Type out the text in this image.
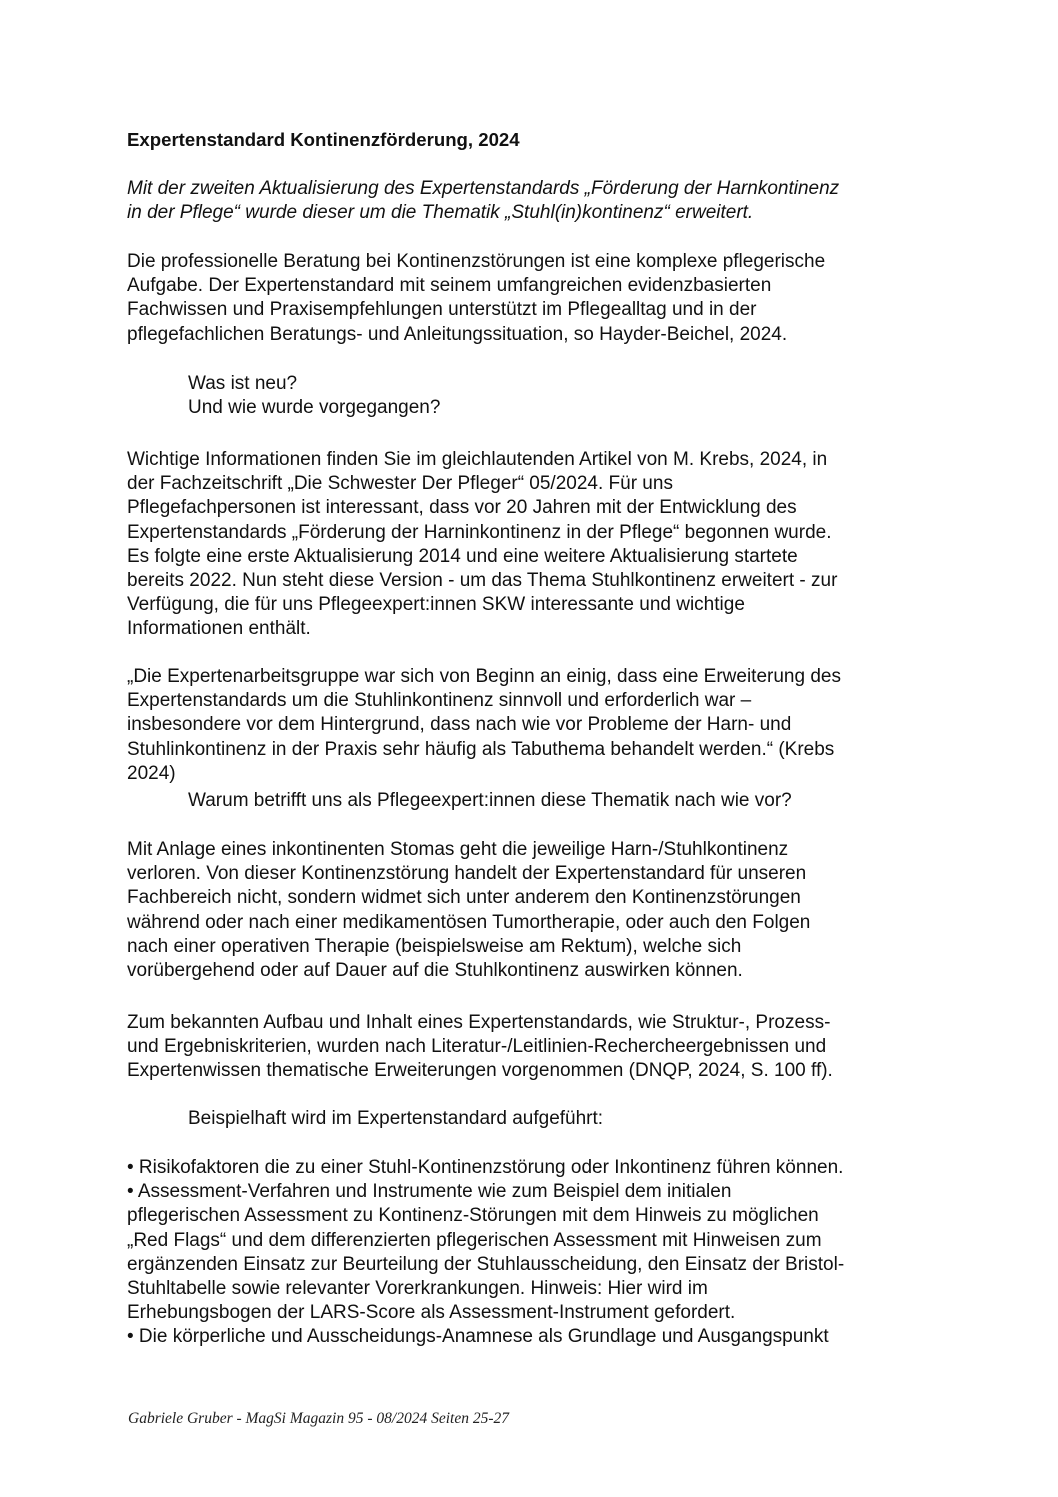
Expertenstandard Kontinenzförderung, 2024

Mit der zweiten Aktualisierung des Expertenstandards „Förderung der Harnkontinenz
in der Pflege“ wurde dieser um die Thematik „Stuhl(in)kontinenz“ erweitert.

Die professionelle Beratung bei Kontinenzstörungen ist eine komplexe pflegerische
Aufgabe. Der Expertenstandard mit seinem umfangreichen evidenzbasierten
Fachwissen und Praxisempfehlungen unterstützt im Pflegealltag und in der
pflegefachlichen Beratungs- und Anleitungssituation, so Hayder-Beichel, 2024.

Was ist neu?
Und wie wurde vorgegangen?

Wichtige Informationen finden Sie im gleichlautenden Artikel von M. Krebs, 2024, in
der Fachzeitschrift „Die Schwester Der Pfleger“ 05/2024. Für uns
Pflegefachpersonen ist interessant, dass vor 20 Jahren mit der Entwicklung des
Expertenstandards „Förderung der Harninkontinenz in der Pflege“ begonnen wurde.
Es folgte eine erste Aktualisierung 2014 und eine weitere Aktualisierung startete
bereits 2022. Nun steht diese Version - um das Thema Stuhlkontinenz erweitert - zur
Verfügung, die für uns Pflegeexpert:innen SKW interessante und wichtige
Informationen enthält.

„Die Expertenarbeitsgruppe war sich von Beginn an einig, dass eine Erweiterung des
Expertenstandards um die Stuhlinkontinenz sinnvoll und erforderlich war –
insbesondere vor dem Hintergrund, dass nach wie vor Probleme der Harn- und
Stuhlinkontinenz in der Praxis sehr häufig als Tabuthema behandelt werden.“ (Krebs
2024)

Warum betrifft uns als Pflegeexpert:innen diese Thematik nach wie vor?

Mit Anlage eines inkontinenten Stomas geht die jeweilige Harn-/Stuhlkontinenz
verloren. Von dieser Kontinenzstörung handelt der Expertenstandard für unseren
Fachbereich nicht, sondern widmet sich unter anderem den Kontinenzstörungen
während oder nach einer medikamentösen Tumortherapie, oder auch den Folgen
nach einer operativen Therapie (beispielsweise am Rektum), welche sich
vorübergehend oder auf Dauer auf die Stuhlkontinenz auswirken können.

Zum bekannten Aufbau und Inhalt eines Expertenstandards, wie Struktur-, Prozess-
und Ergebniskriterien, wurden nach Literatur-/Leitlinien-Rechercheergebnissen und
Expertenwissen thematische Erweiterungen vorgenommen (DNQP, 2024, S. 100 ff).

Beispielhaft wird im Expertenstandard aufgeführt:

• Risikofaktoren die zu einer Stuhl-Kontinenzstörung oder Inkontinenz führen können.
• Assessment-Verfahren und Instrumente wie zum Beispiel dem initialen
pflegerischen Assessment zu Kontinenz-Störungen mit dem Hinweis zu möglichen
„Red Flags“ und dem differenzierten pflegerischen Assessment mit Hinweisen zum
ergänzenden Einsatz zur Beurteilung der Stuhlausscheidung, den Einsatz der Bristol-
Stuhltabelle sowie relevanter Vorerkrankungen. Hinweis: Hier wird im
Erhebungsbogen der LARS-Score als Assessment-Instrument gefordert.
• Die körperliche und Ausscheidungs-Anamnese als Grundlage und Ausgangspunkt

Gabriele Gruber - MagSi Magazin 95 - 08/2024 Seiten 25-27
